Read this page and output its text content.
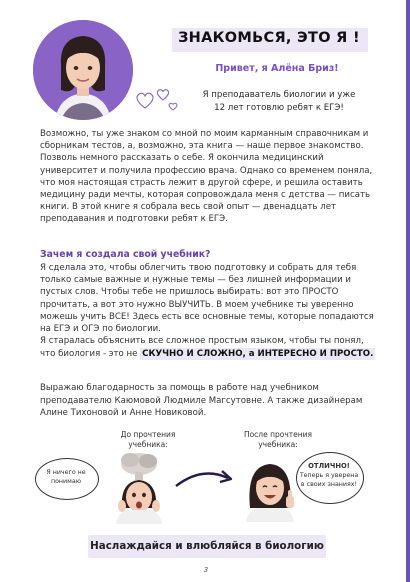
ЗНАКОМЬСЯ, ЭТО Я !
Привет, я Алёна Бриз!
Я преподаватель биологии и уже
12 лет готовлю ребят к ЕГЭ!
Возможно, ты уже знаком со мной по моим карманным справочникам и
сборникам тестов, а, возможно, эта книга — наше первое знакомство.
Позволь немного рассказать о себе. Я окончила медицинский
университет и получила профессию врача. Однако со временем поняла,
что моя настоящая страсть лежит в другой сфере, и решила оставить
медицину ради мечты, которая сопровождала меня с детства — писать
книги. В этой книге я собрала весь свой опыт — двенадцать лет
преподавания и подготовки ребят к ЕГЭ.
Зачем я создала свой учебник?
Я сделала это, чтобы облегчить твою подготовку и собрать для тебя
только самые важные и нужные темы — без лишней информации и
пустых слов. Чтобы тебе не пришлось выбирать: вот это ПРОСТО
прочитать, а вот это нужно ВЫУЧИТЬ. В моем учебнике ты уверенно
можешь учить ВСЕ! Здесь есть все основные темы, которые попадаются
на ЕГЭ и ОГЭ по биологии.
Я старалась объяснить все сложное простым языком, чтобы ты понял,
что биология - это не СКУЧНО И СЛОЖНО, а ИНТЕРЕСНО И ПРОСТО.
Выражаю благодарность за помощь в работе над учебником
преподавателю Каюмовой Людмиле Магсутовне. А также дизайнерам
Алине Тихоновой и Анне Новиковой.
До прочтения
учебника:
После прочтения
учебника:
Я ничего не
понимаю
ОТЛИЧНО!
Теперь я уверена
в своих знаниях!
Наслаждайся и влюбляйся в биологию
3
